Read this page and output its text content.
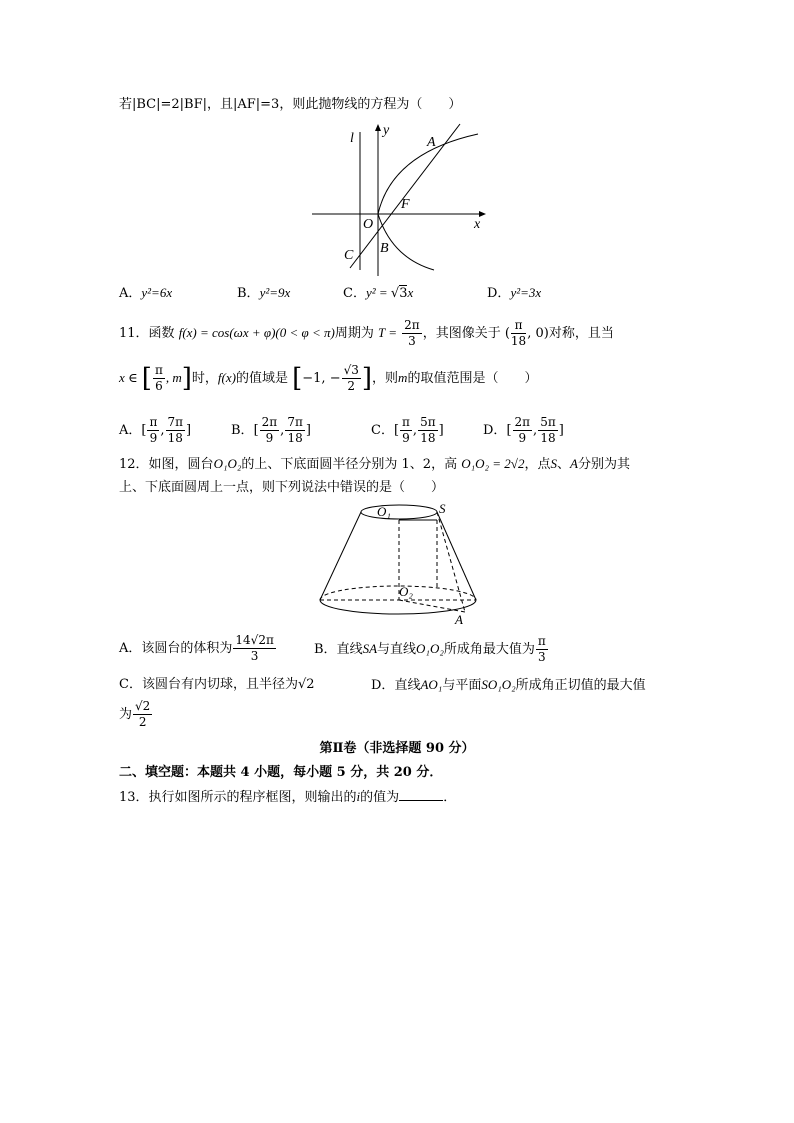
若|BC|=2|BF|，且|AF|=3，则此抛物线的方程为（　　）
l
y
x
A
F
O
C B
A．y²=6x	B．y²=9x	C．y² = √3x	D．y²=3x
11．函数 f(x) = cos(ωx + φ)(0 < φ < π)周期为 $T = \frac{2\pi}{3}$ ，其图像关于 ( $\frac{\pi}{18}$ , 0)对称，且当
x ∈ [ $\frac{\pi}{6}$ , m]时，f(x)的值域是 [−1, − $\frac{√3}{2}$ ]，则m的取值范围是（　　）
A．[ $\frac{\pi}{9}$ , $\frac{7\pi}{18}$ ]	B．[ $\frac{2\pi}{9}$ , $\frac{7\pi}{18}$ ]	C．[ $\frac{\pi}{9}$ , $\frac{5\pi}{18}$ ]	D．[ $\frac{2\pi}{9}$ , $\frac{5\pi}{18}$ ]
12．如图，圆台O₁O₂的上、下底面圆半径分别为 1、2，高 O₁O₂ = 2√2，点S、A分别为其
上、下底面圆周上一点，则下列说法中错误的是（　　）
O₁	S
O₂
A
A．该圆台的体积为 $\frac{14√2\pi}{3}$	B．直线SA与直线O₁O₂所成角最大值为 $\frac{\pi}{3}$
C．该圆台有内切球，且半径为√2	D．直线AO₁与平面SO₁O₂所成角正切值的最大值
为 $\frac{√2}{2}$
第Ⅱ卷（非选择题 90 分）
二、填空题：本题共 4 小题，每小题 5 分，共 20 分．
13．执行如图所示的程序框图，则输出的i的值为	．
